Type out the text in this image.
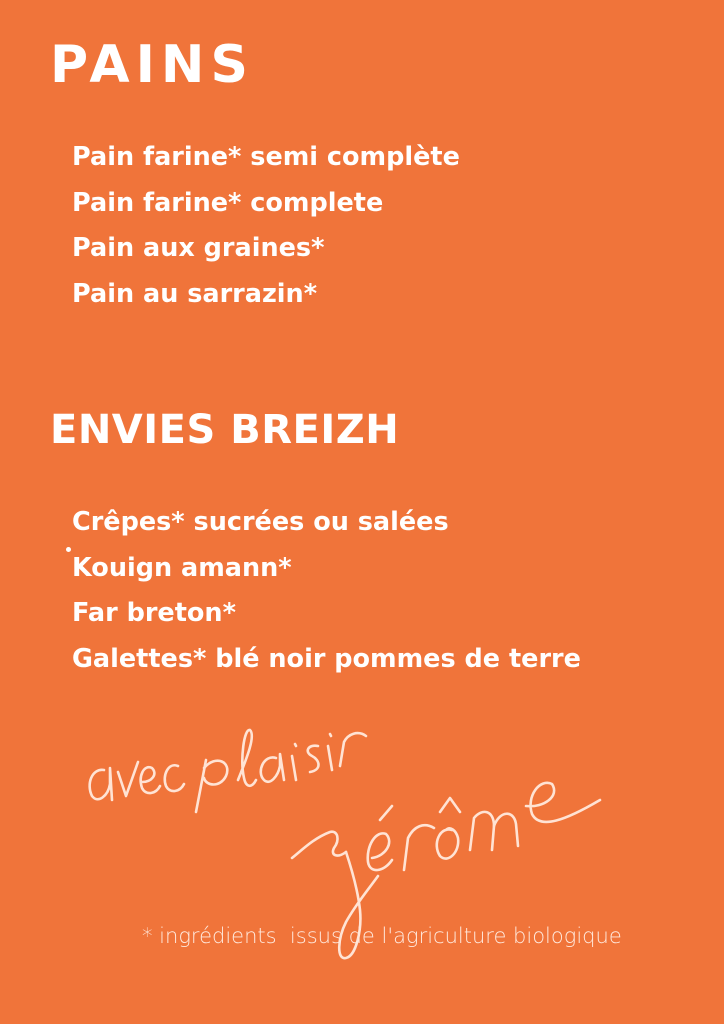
PAINS
Pain farine* semi complète
Pain farine* complete
Pain aux graines*
Pain au sarrazin*
ENVIES BREIZH
Crêpes* sucrées ou salées
Kouign amann*
Far breton*
Galettes* blé noir pommes de terre

* ingrédients  issus de l'agriculture biologique
